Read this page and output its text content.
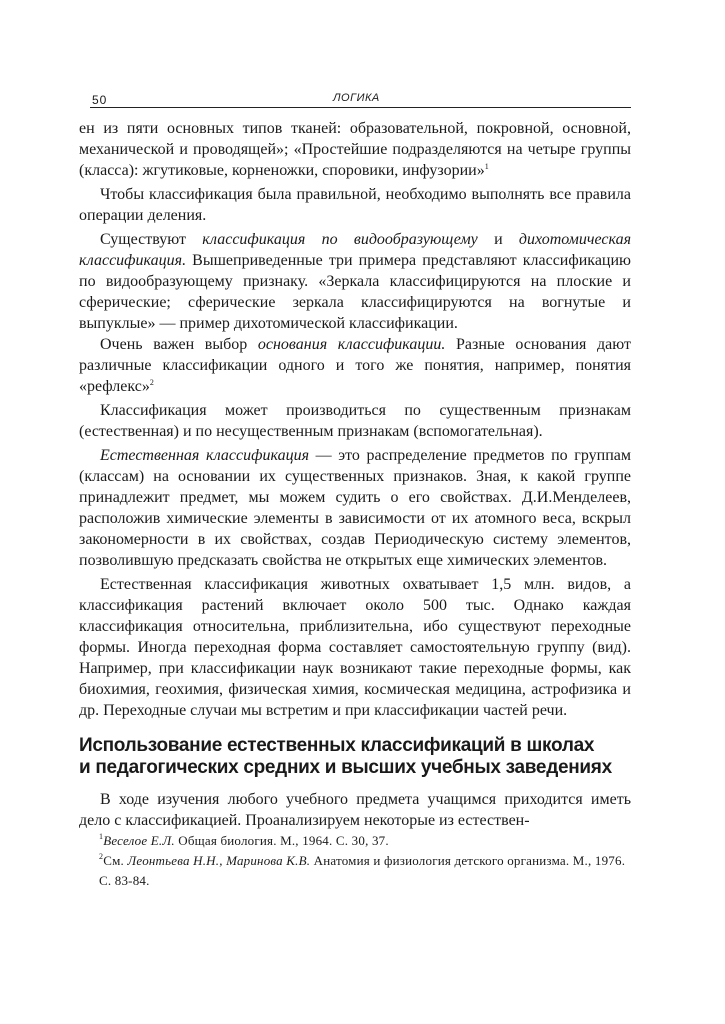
50	ЛОГИКА

ен из пяти основных типов тканей: образовательной, покровной, основной, механической и проводящей»; «Простейшие подразделяются на четыре группы (класса): жгутиковые, корненожки, споровики, инфузории»$^1$

Чтобы классификация была правильной, необходимо выполнять все правила операции деления.

Существуют классификация по видообразующему и дихотомическая классификация. Вышеприведенные три примера представляют классификацию по видообразующему признаку. «Зеркала классифицируются на плоские и сферические; сферические зеркала классифицируются на вогнутые и выпуклые» — пример дихотомической классификации.

Очень важен выбор основания классификации. Разные основания дают различные классификации одного и того же понятия, например, понятия «рефлекс»$^2$

Классификация может производиться по существенным признакам (естественная) и по несущественным признакам (вспомогательная).

Естественная классификация — это распределение предметов по группам (классам) на основании их существенных признаков. Зная, к какой группе принадлежит предмет, мы можем судить о его свойствах. Д.И.Менделеев, расположив химические элементы в зависимости от их атомного веса, вскрыл закономерности в их свойствах, создав Периодическую систему элементов, позволившую предсказать свойства не открытых еще химических элементов.

Естественная классификация животных охватывает 1,5 млн. видов, а классификация растений включает около 500 тыс. Однако каждая классификация относительна, приблизительна, ибо существуют переходные формы. Иногда переходная форма составляет самостоятельную группу (вид). Например, при классификации наук возникают такие переходные формы, как биохимия, геохимия, физическая химия, космическая медицина, астрофизика и др. Переходные случаи мы встретим и при классификации частей речи.

Использование естественных классификаций в школах
и педагогических средних и высших учебных заведениях

В ходе изучения любого учебного предмета учащимся приходится иметь дело с классификацией. Проанализируем некоторые из естествен-

$^1$Веселое Е.Л. Общая биология. М., 1964. С. 30, 37.

$^2$См. Леонтьева Н.Н., Маринова К.В. Анатомия и физиология детского организма. М., 1976. С. 83-84.
